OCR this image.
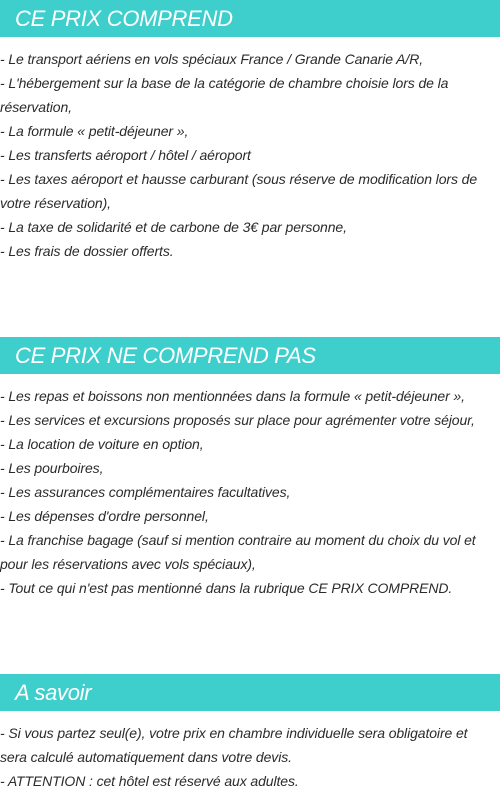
CE PRIX COMPREND
- Le transport aériens en vols spéciaux France / Grande Canarie A/R,
- L'hébergement sur la base de la catégorie de chambre choisie lors de la réservation,
- La formule « petit-déjeuner »,
- Les transferts aéroport / hôtel / aéroport
- Les taxes aéroport et hausse carburant (sous réserve de modification lors de votre réservation),
- La taxe de solidarité et de carbone de 3€ par personne,
- Les frais de dossier offerts.
CE PRIX NE COMPREND PAS
- Les repas et boissons non mentionnées dans la formule « petit-déjeuner »,
- Les services et excursions proposés sur place pour agrémenter votre séjour,
- La location de voiture en option,
- Les pourboires,
- Les assurances complémentaires facultatives,
- Les dépenses d'ordre personnel,
- La franchise bagage (sauf si mention contraire au moment du choix du vol et pour les réservations avec vols spéciaux),
- Tout ce qui n'est pas mentionné dans la rubrique CE PRIX COMPREND.
A savoir
- Si vous partez seul(e), votre prix en chambre individuelle sera obligatoire et sera calculé automatiquement dans votre devis.
- ATTENTION : cet hôtel est réservé aux adultes.
